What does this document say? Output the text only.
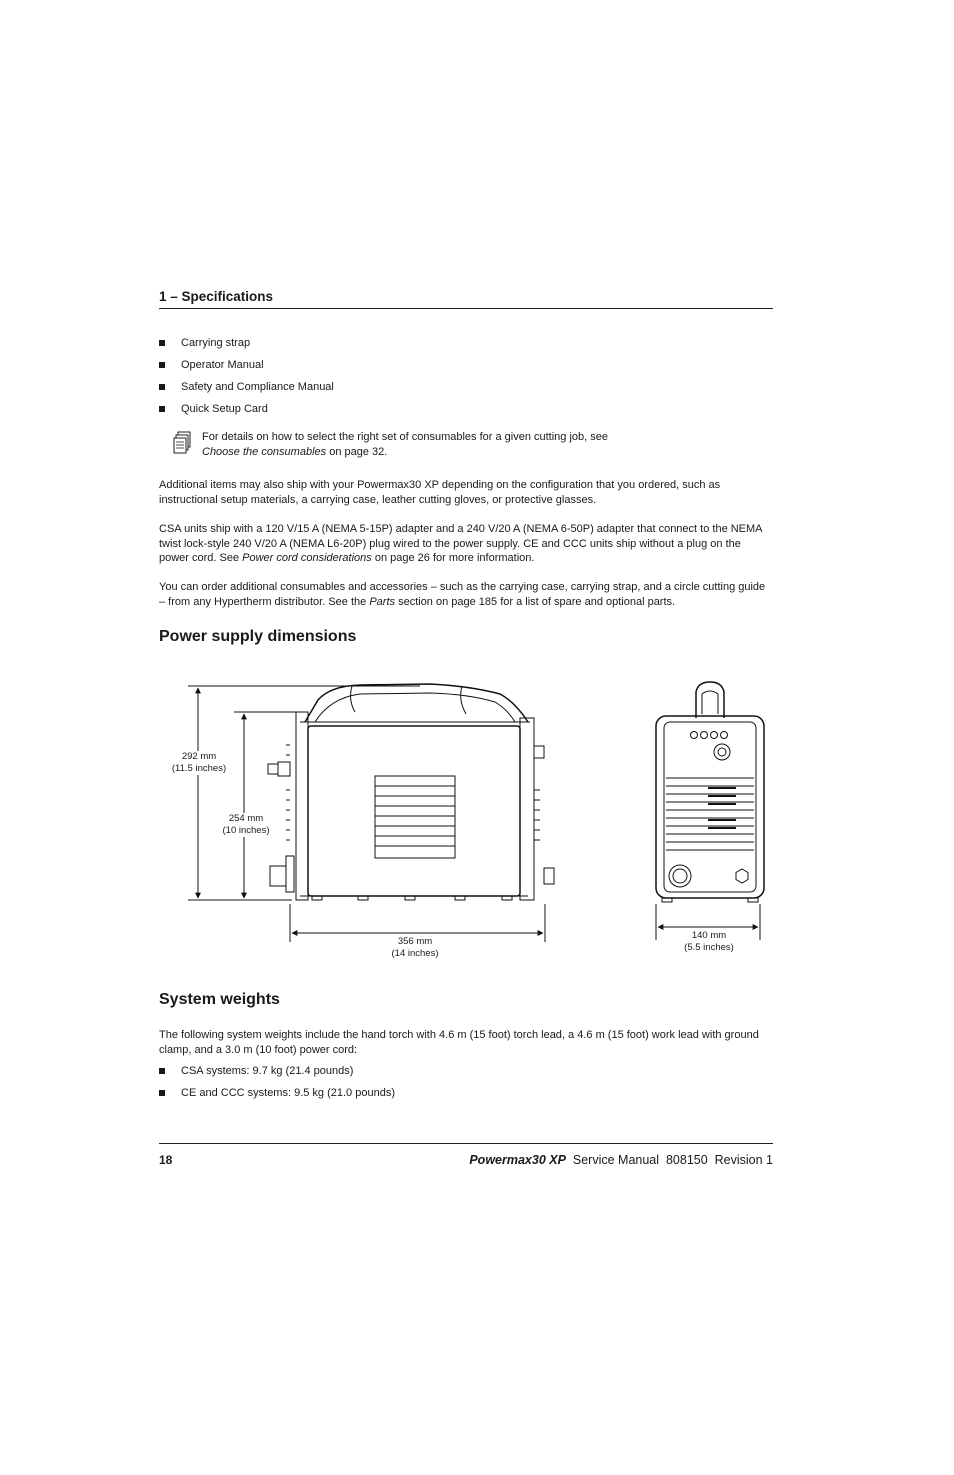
1 – Specifications
Carrying strap
Operator Manual
Safety and Compliance Manual
Quick Setup Card
For details on how to select the right set of consumables for a given cutting job, see
Choose the consumables on page 32.

Additional items may also ship with your Powermax30 XP depending on the configuration that you ordered, such as instructional setup materials, a carrying case, leather cutting gloves, or protective glasses.

CSA units ship with a 120 V/15 A (NEMA 5-15P) adapter and a 240 V/20 A (NEMA 6-50P) adapter that connect to the NEMA twist lock-style 240 V/20 A (NEMA L6-20P) plug wired to the power supply. CE and CCC units ship without a plug on the power cord. See Power cord considerations on page 26 for more information.

You can order additional consumables and accessories – such as the carrying case, carrying strap, and a circle cutting guide – from any Hypertherm distributor. See the Parts section on page 185 for a list of spare and optional parts.

Power supply dimensions
292 mm
(11.5 inches)
254 mm
(10 inches)
356 mm
(14 inches)
140 mm
(5.5 inches)
System weights

The following system weights include the hand torch with 4.6 m (15 foot) torch lead, a 4.6 m (15 foot) work lead with ground clamp, and a 3.0 m (10 foot) power cord:

CSA systems: 9.7 kg (21.4 pounds)
CE and CCC systems: 9.5 kg (21.0 pounds)
18	Powermax30 XP  Service Manual  808150  Revision 1
